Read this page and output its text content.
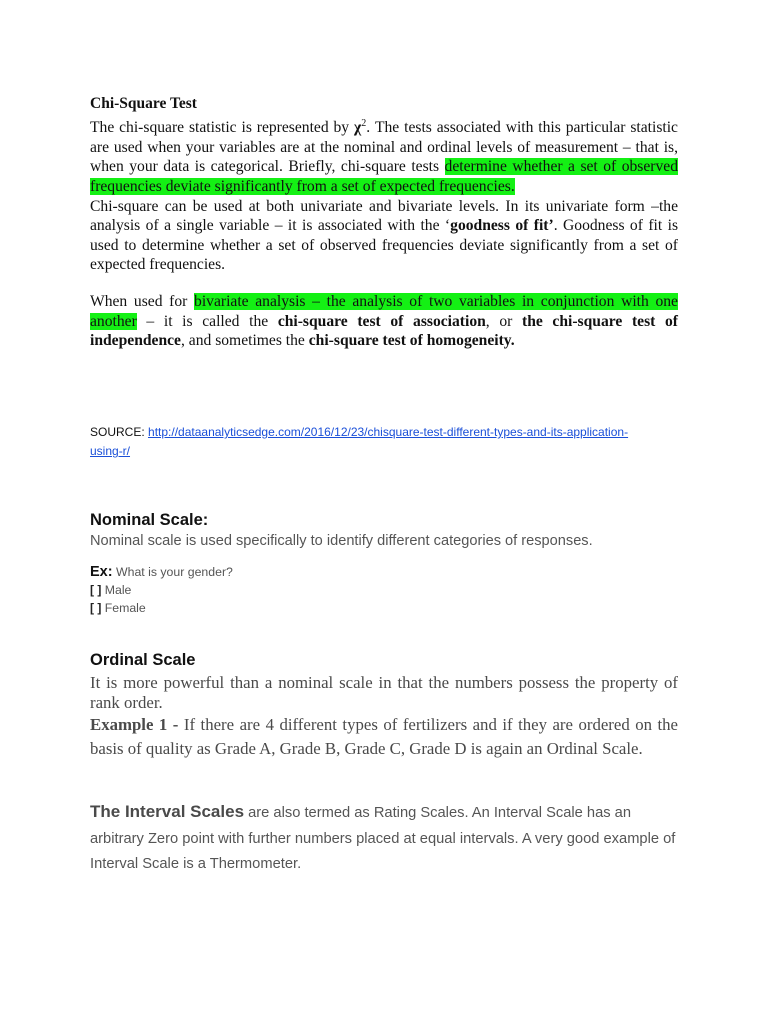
Chi-Square Test
The chi-square statistic is represented by $\chi^2$. The tests associated with this particular statistic are used when your variables are at the nominal and ordinal levels of measurement – that is, when your data is categorical. Briefly, chi-square tests determine whether a set of observed frequencies deviate significantly from a set of expected frequencies.
Chi-square can be used at both univariate and bivariate levels. In its univariate form –the analysis of a single variable – it is associated with the ‘goodness of fit’. Goodness of fit is used to determine whether a set of observed frequencies deviate significantly from a set of expected frequencies.
When used for bivariate analysis – the analysis of two variables in conjunction with one another – it is called the chi-square test of association, or the chi-square test of independence, and sometimes the chi-square test of homogeneity.
SOURCE: http://dataanalyticsedge.com/2016/12/23/chisquare-test-different-types-and-its-application-
using-r/
Nominal Scale:
Nominal scale is used specifically to identify different categories of responses.
Ex: What is your gender?
[ ] Male
[ ] Female
Ordinal Scale
It is more powerful than a nominal scale in that the numbers possess the property of rank order.
Example 1 - If there are 4 different types of fertilizers and if they are ordered on the basis of quality as Grade A, Grade B, Grade C, Grade D is again an Ordinal Scale.
The Interval Scales are also termed as Rating Scales. An Interval Scale has an arbitrary Zero point with further numbers placed at equal intervals. A very good example of Interval Scale is a Thermometer.
